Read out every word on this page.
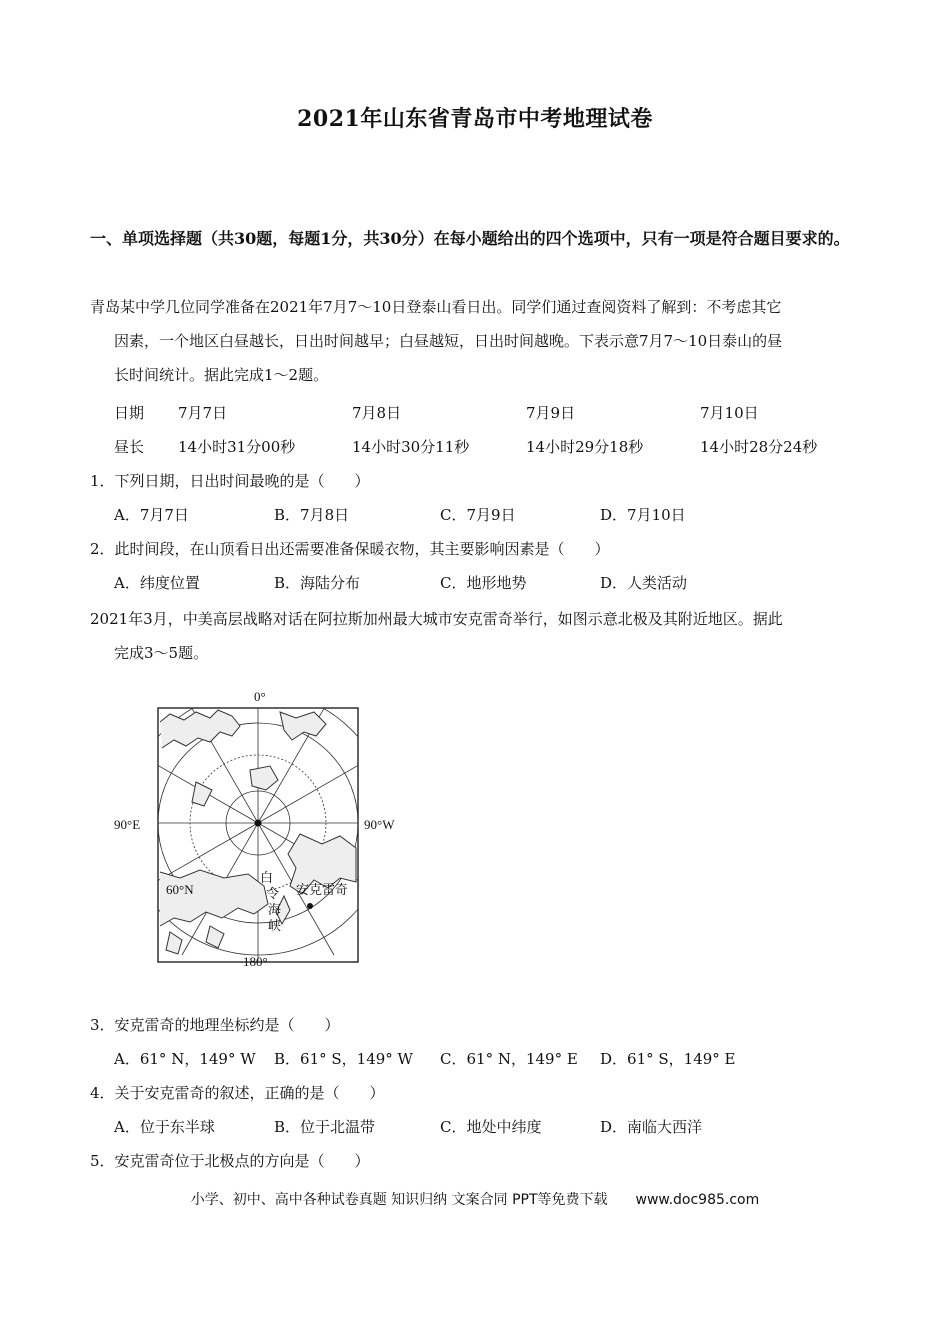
2021年山东省青岛市中考地理试卷
一、单项选择题（共30题，每题1分，共30分）在每小题给出的四个选项中，只有一项是符合题目要求的。
青岛某中学几位同学准备在2021年7月7～10日登泰山看日出。同学们通过查阅资料了解到：不考虑其它
因素，一个地区白昼越长，日出时间越早；白昼越短，日出时间越晚。下表示意7月7～10日泰山的昼
长时间统计。据此完成1～2题。
日期 7月7日	7月8日	7月9日	7月10日
昼长 14小时31分00秒	14小时30分11秒	14小时29分18秒	14小时28分24秒
1．下列日期，日出时间最晚的是（　　）
A．7月7日	B．7月8日	C．7月9日	D．7月10日
2．此时间段，在山顶看日出还需要准备保暖衣物，其主要影响因素是（　　）
A．纬度位置	B．海陆分布	C．地形地势	D．人类活动
2021年3月，中美高层战略对话在阿拉斯加州最大城市安克雷奇举行，如图示意北极及其附近地区。据此
完成3～5题。
0°
90°E	90°W
180°
60°N
白
令
海
峡
安克雷奇
3．安克雷奇的地理坐标约是（　　）
A．61° N，149° W B．61° S，149° W C．61° N，149° E D．61° S，149° E
4．关于安克雷奇的叙述，正确的是（　　）
A．位于东半球	B．位于北温带	C．地处中纬度	D．南临大西洋
5．安克雷奇位于北极点的方向是（　　）
小学、初中、高中各种试卷真题 知识归纳 文案合同 PPT等免费下载　　www.doc985.com
